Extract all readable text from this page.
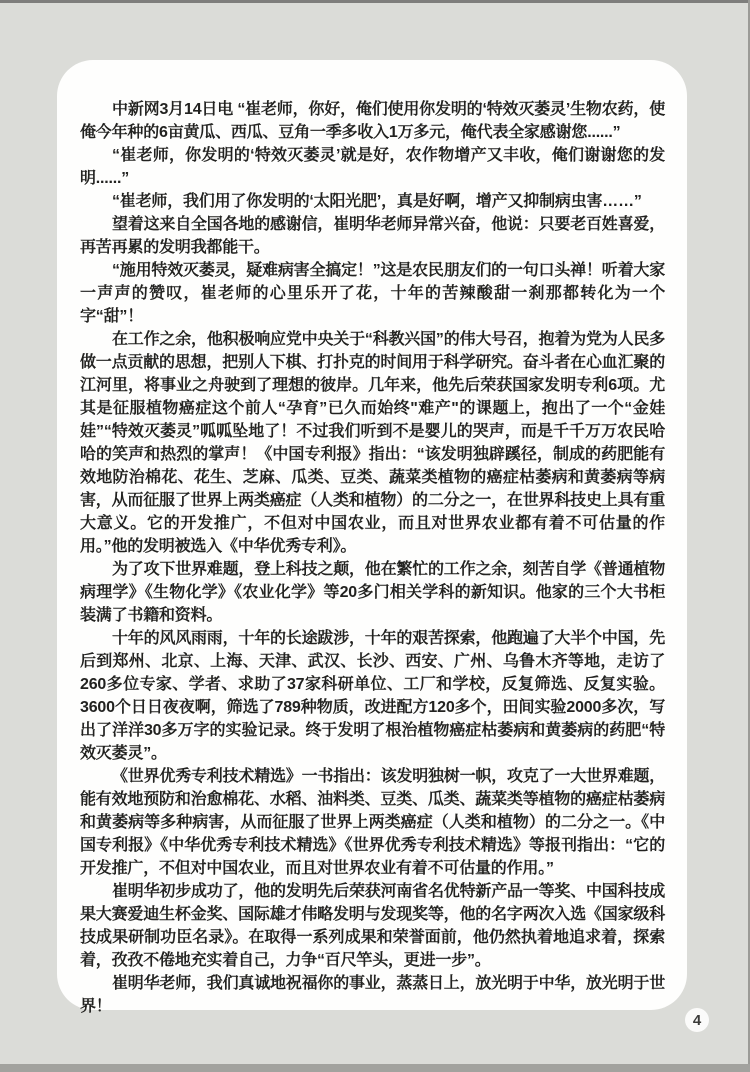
中新网3月14日电 “崔老师，你好，俺们使用你发明的‘特效灭萎灵’生物农药，使俺今年种的6亩黄瓜、西瓜、豆角一季多收入1万多元，俺代表全家感谢您......”

“崔老师，你发明的‘特效灭萎灵’就是好，农作物增产又丰收，俺们谢谢您的发明......”

“崔老师，我们用了你发明的‘太阳光肥’，真是好啊，增产又抑制病虫害……”

望着这来自全国各地的感谢信，崔明华老师异常兴奋，他说：只要老百姓喜爱，再苦再累的发明我都能干。

“施用特效灭萎灵，疑难病害全搞定！”这是农民朋友们的一句口头禅！听着大家一声声的赞叹，崔老师的心里乐开了花，十年的苦辣酸甜一刹那都转化为一个字“甜”！

在工作之余，他积极响应党中央关于“科教兴国”的伟大号召，抱着为党为人民多做一点贡献的思想，把别人下棋、打扑克的时间用于科学研究。奋斗者在心血汇聚的江河里，将事业之舟驶到了理想的彼岸。几年来，他先后荣获国家发明专利6项。尤其是征服植物癌症这个前人“孕育”已久而始终"难产"的课题上，抱出了一个“金娃娃”“特效灭萎灵”呱呱坠地了！不过我们听到不是婴儿的哭声，而是千千万万农民哈哈的笑声和热烈的掌声！《中国专利报》指出：“该发明独辟蹊径，制成的药肥能有效地防治棉花、花生、芝麻、瓜类、豆类、蔬菜类植物的癌症枯萎病和黄萎病等病害，从而征服了世界上两类癌症（人类和植物）的二分之一，在世界科技史上具有重大意义。它的开发推广，不但对中国农业，而且对世界农业都有着不可估量的作用。”他的发明被选入《中华优秀专利》。

为了攻下世界难题，登上科技之颠，他在繁忙的工作之余，刻苦自学《普通植物病理学》《生物化学》《农业化学》等20多门相关学科的新知识。他家的三个大书柜装满了书籍和资料。

十年的风风雨雨，十年的长途跋涉，十年的艰苦探索，他跑遍了大半个中国，先后到郑州、北京、上海、天津、武汉、长沙、西安、广州、乌鲁木齐等地，走访了260多位专家、学者、求助了37家科研单位、工厂和学校，反复筛选、反复实验。3600个日日夜夜啊，筛选了789种物质，改进配方120多个，田间实验2000多次，写出了洋洋30多万字的实验记录。终于发明了根治植物癌症枯萎病和黄萎病的药肥“特效灭萎灵”。

《世界优秀专利技术精选》一书指出：该发明独树一帜，攻克了一大世界难题，能有效地预防和治愈棉花、水稻、油料类、豆类、瓜类、蔬菜类等植物的癌症枯萎病和黄萎病等多种病害，从而征服了世界上两类癌症（人类和植物）的二分之一。《中国专利报》《中华优秀专利技术精选》《世界优秀专利技术精选》等报刊指出：“它的开发推广，不但对中国农业，而且对世界农业有着不可估量的作用。”

崔明华初步成功了，他的发明先后荣获河南省名优特新产品一等奖、中国科技成果大赛爱迪生杯金奖、国际雄才伟略发明与发现奖等，他的名字两次入选《国家级科技成果研制功臣名录》。在取得一系列成果和荣誉面前，他仍然执着地追求着，探索着，孜孜不倦地充实着自己，力争“百尺竿头，更进一步”。

崔明华老师，我们真诚地祝福你的事业，蒸蒸日上，放光明于中华，放光明于世界！

4
